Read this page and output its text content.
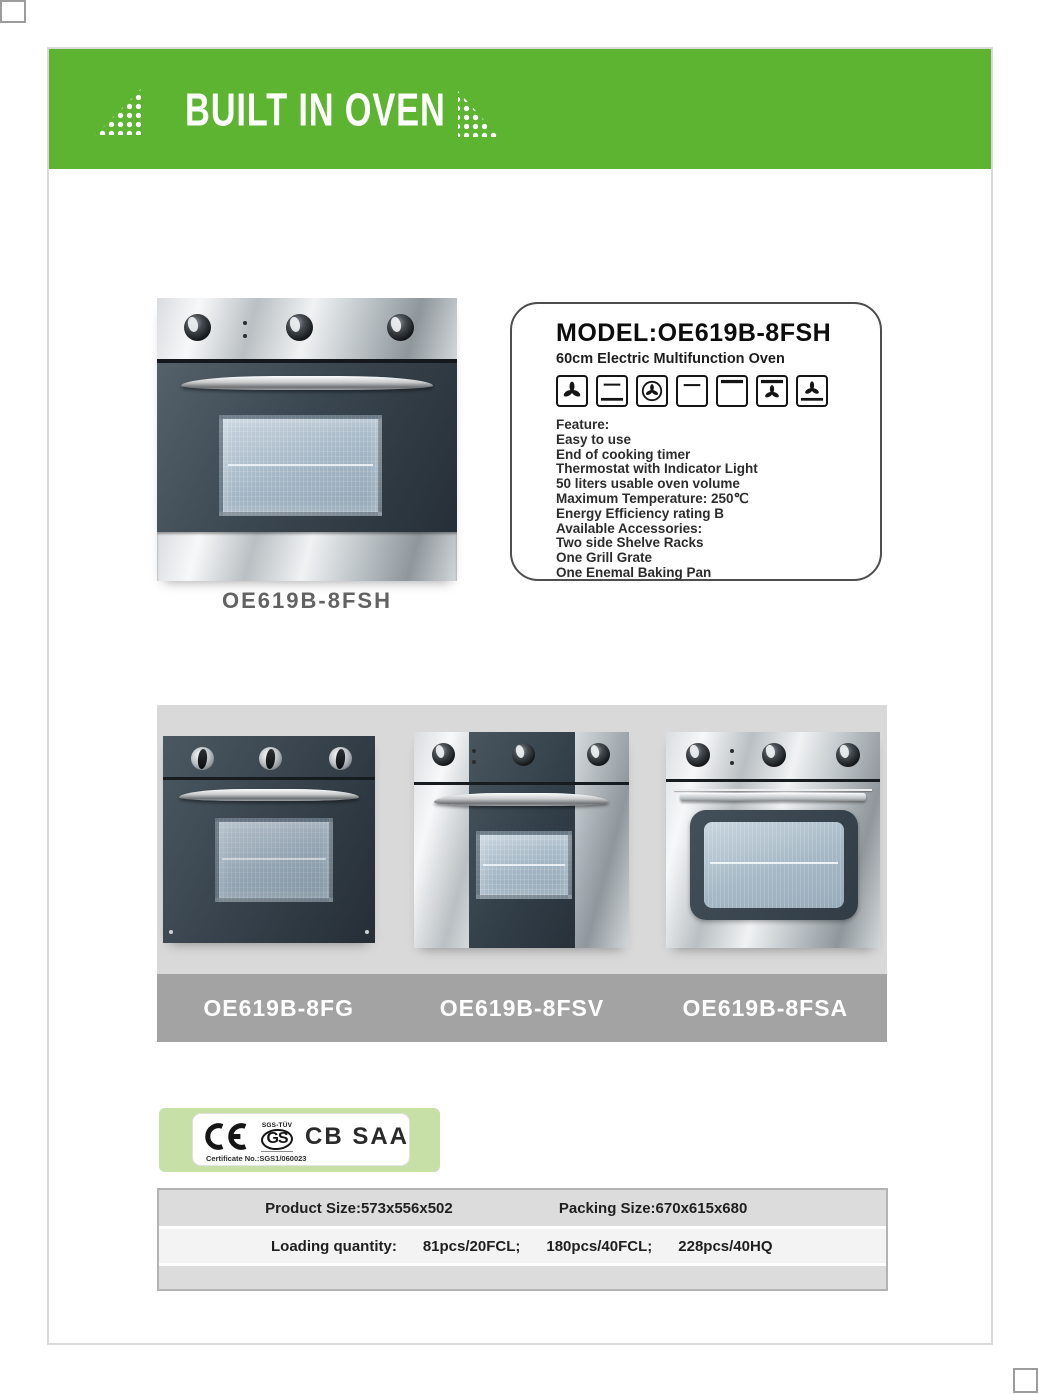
BUILT IN OVEN
OE619B-8FSH
MODEL:OE619B-8FSH
60cm Electric Multifunction Oven
Feature:
Easy to use
End of cooking timer
Thermostat with Indicator Light
50 liters usable oven volume
Maximum Temperature: 250℃
Energy Efficiency rating B
Available Accessories:
Two side Shelve Racks
One Grill Grate
One Enemal Baking Pan
OE619B-8FG	OE619B-8FSV	OE619B-8FSA
SGS-TÜV
GS CB SAA
Certificate No.:SGS1/060023
Product Size:573x556x502	Packing Size:670x615x680
Loading quantity: 81pcs/20FCL; 180pcs/40FCL; 228pcs/40HQ
